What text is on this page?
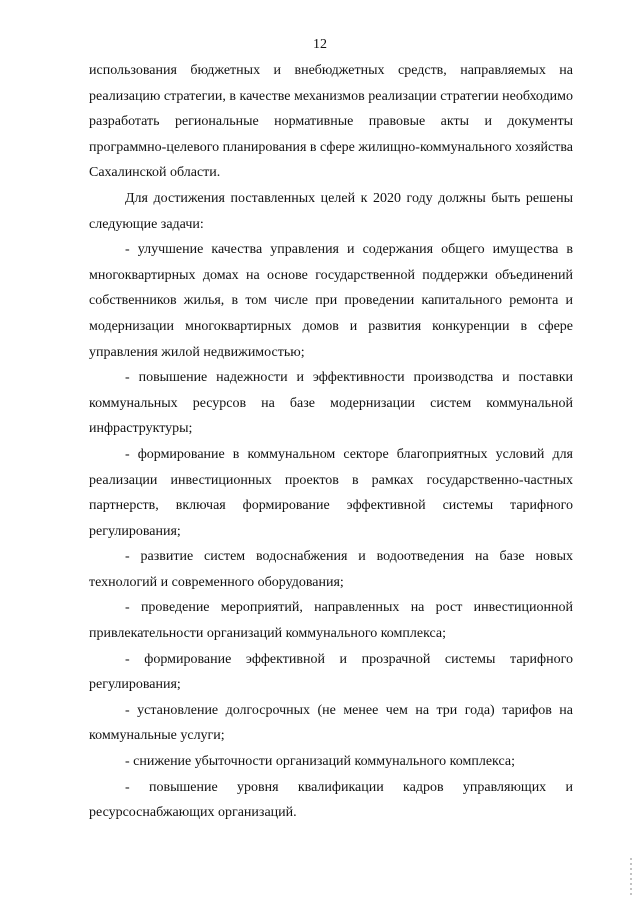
12

использования бюджетных и внебюджетных средств, направляемых на реализацию стратегии, в качестве механизмов реализации стратегии необходимо разработать региональные нормативные правовые акты и документы программно-целевого планирования в сфере жилищно-коммунального хозяйства Сахалинской области.

Для достижения поставленных целей к 2020 году должны быть решены следующие задачи:

- улучшение качества управления и содержания общего имущества в многоквартирных домах на основе государственной поддержки объединений собственников жилья, в том числе при проведении капитального ремонта и модернизации многоквартирных домов и развития конкуренции в сфере управления жилой недвижимостью;

- повышение надежности и эффективности производства и поставки коммунальных ресурсов на базе модернизации систем коммунальной инфраструктуры;

- формирование в коммунальном секторе благоприятных условий для реализации инвестиционных проектов в рамках государственно-частных партнерств, включая формирование эффективной системы тарифного регулирования;

- развитие систем водоснабжения и водоотведения на базе новых технологий и современного оборудования;

- проведение мероприятий, направленных на рост инвестиционной привлекательности организаций коммунального комплекса;

- формирование эффективной и прозрачной системы тарифного регулирования;

- установление долгосрочных (не менее чем на три года) тарифов на коммунальные услуги;

- снижение убыточности организаций коммунального комплекса;

- повышение уровня квалификации кадров управляющих и ресурсоснабжающих организаций.
